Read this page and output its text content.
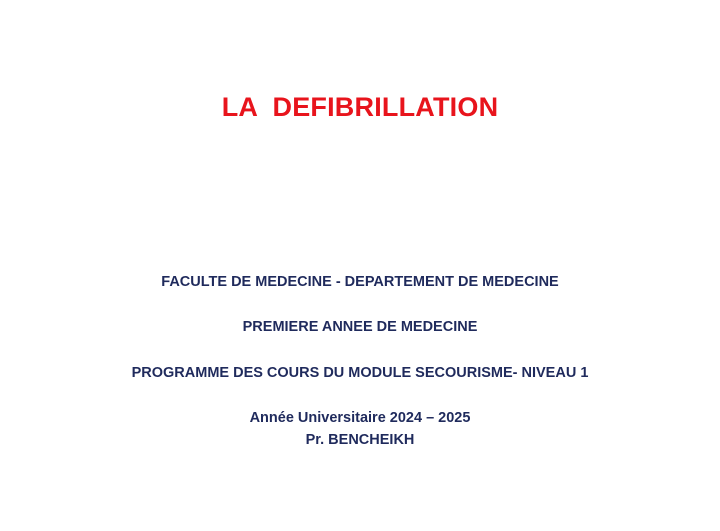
LA  DEFIBRILLATION
FACULTE DE MEDECINE - DEPARTEMENT DE MEDECINE
PREMIERE ANNEE DE MEDECINE
PROGRAMME DES COURS DU MODULE SECOURISME- NIVEAU 1
Année Universitaire 2024 – 2025
Pr. BENCHEIKH
